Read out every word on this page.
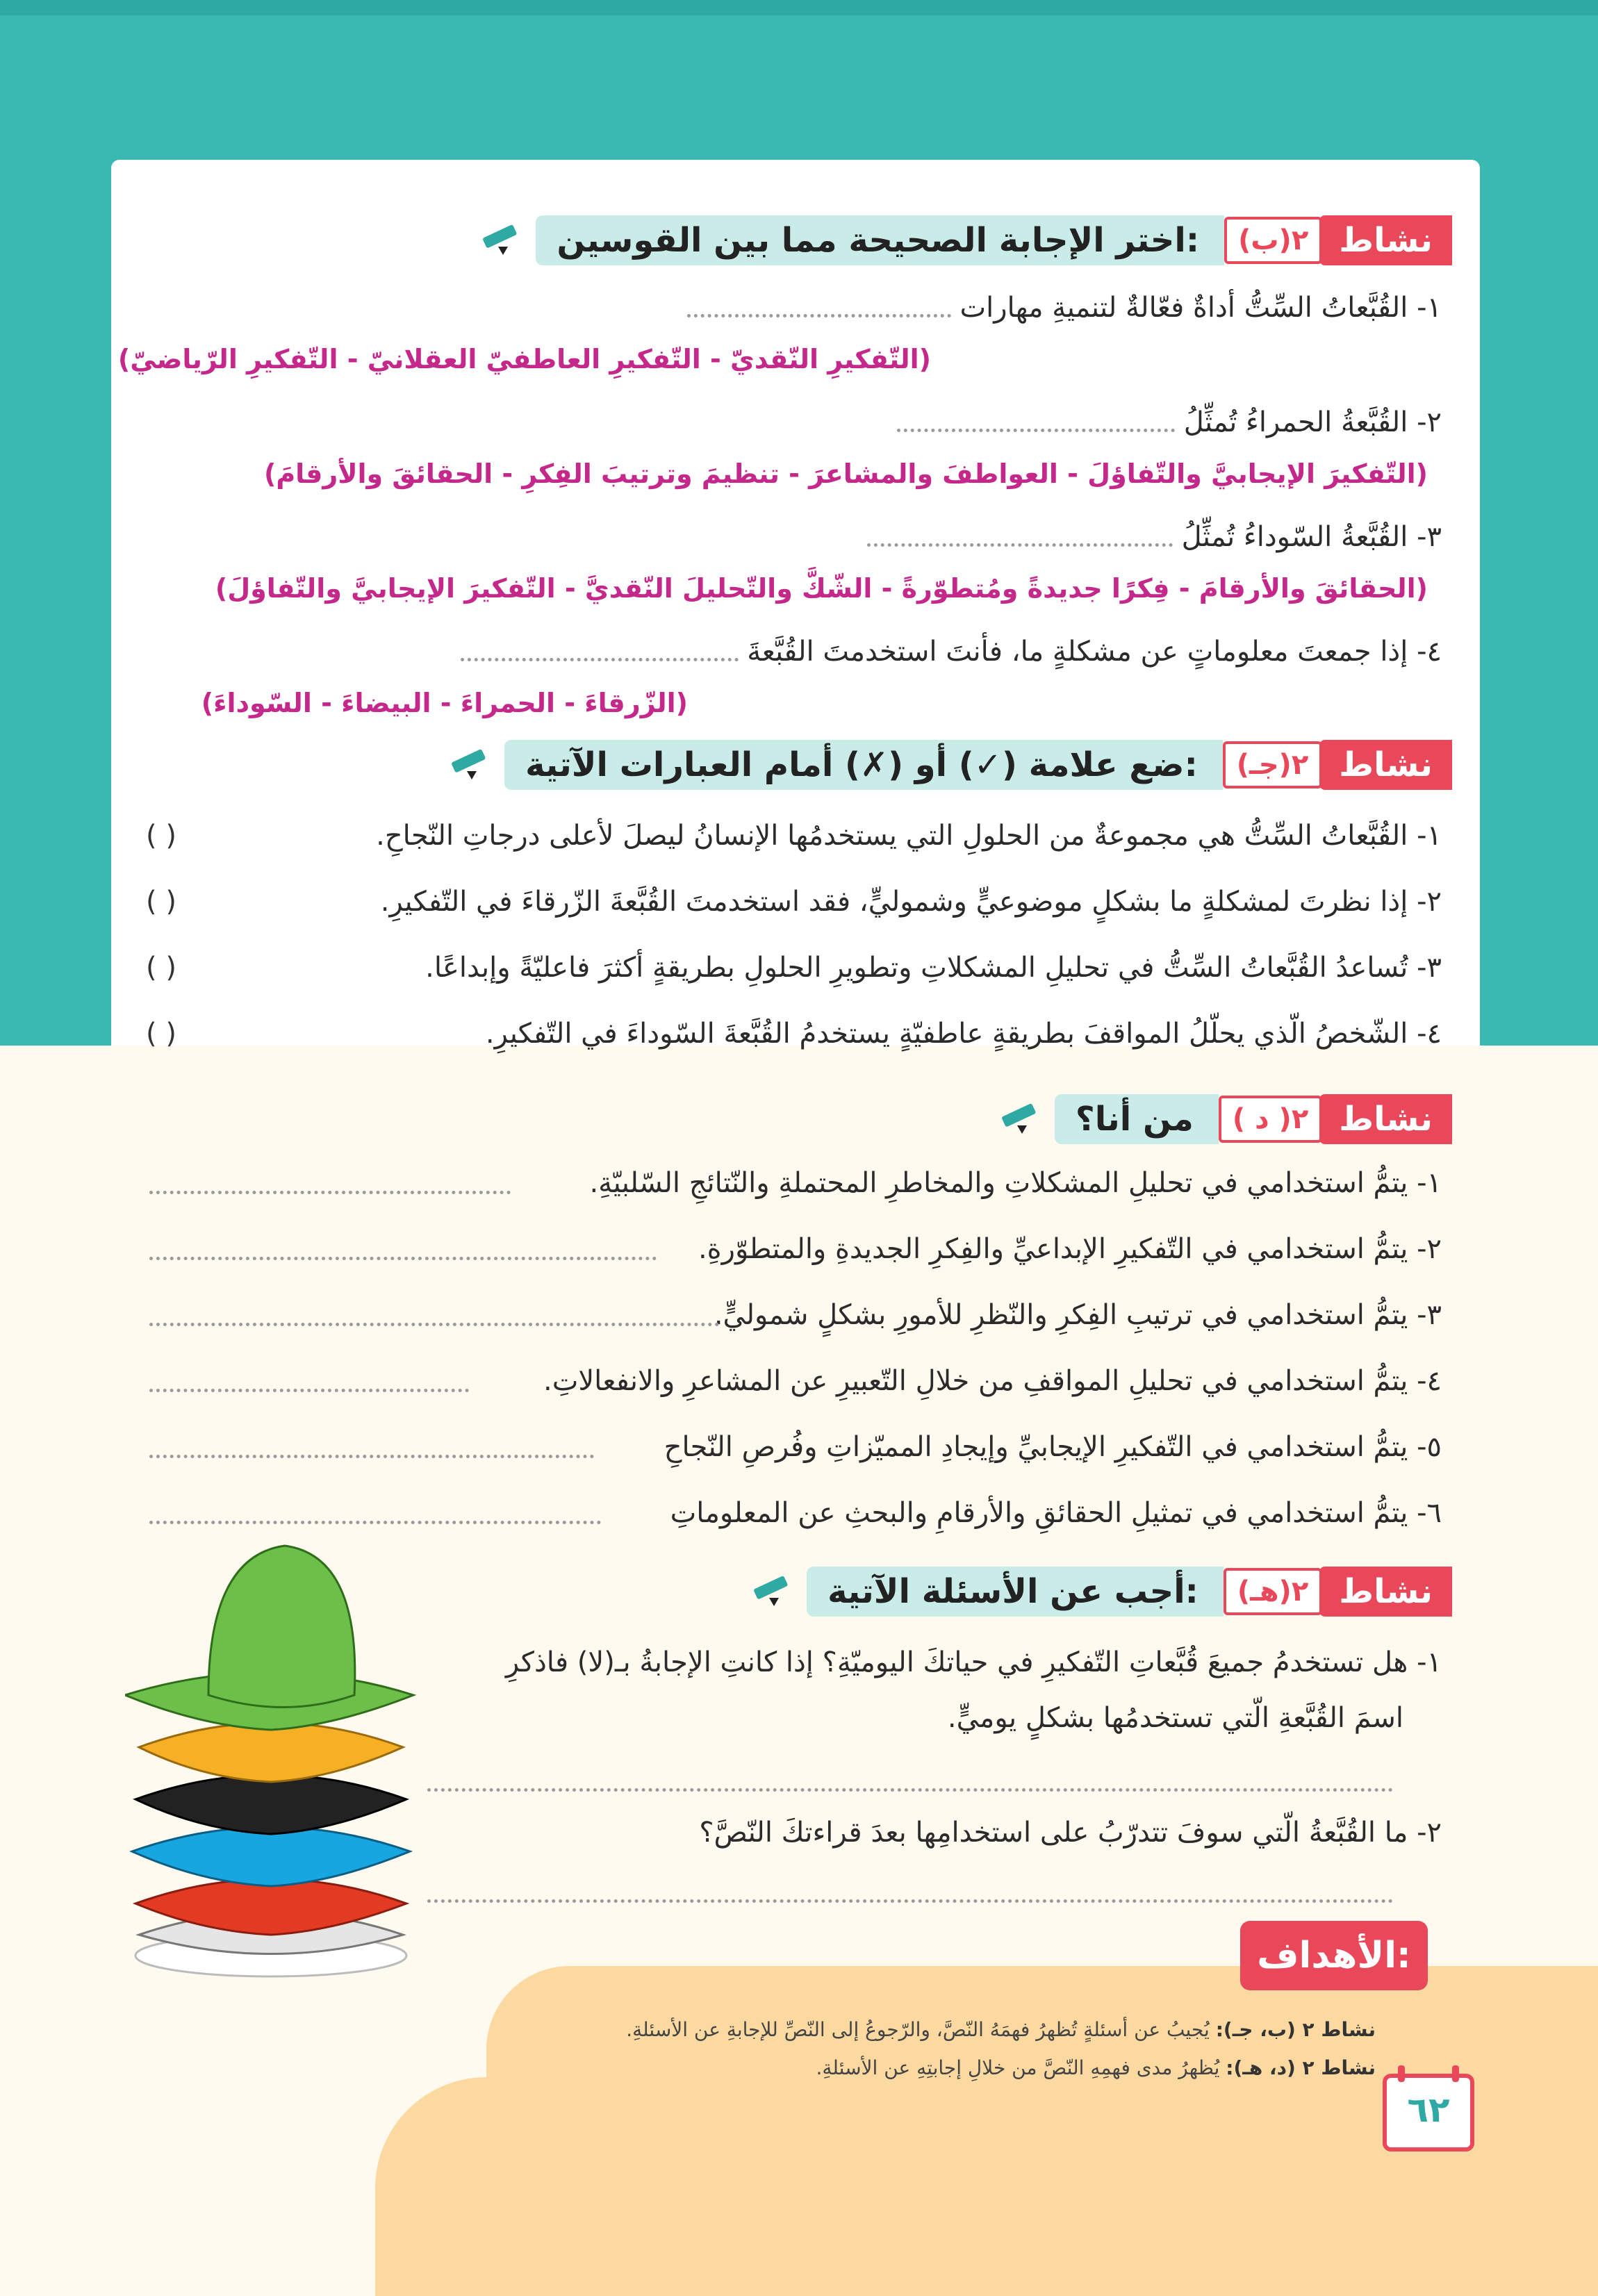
نشاط
٢(ب)
اختر الإجابة الصحيحة مما بين القوسين:
١- القُبَّعاتُ السِّتُّ أداةٌ فعّالةٌ لتنميةِ مهارات
(التّفكيرِ النّقديّ - التّفكيرِ العاطفيّ العقلانيّ - التّفكيرِ الرّياضيّ)
٢- القُبَّعةُ الحمراءُ تُمثِّلُ
(التّفكيرَ الإيجابيَّ والتّفاؤلَ - العواطفَ والمشاعرَ - تنظيمَ وترتيبَ الفِكرِ - الحقائقَ والأرقامَ)
٣- القُبَّعةُ السّوداءُ تُمثِّلُ
(الحقائقَ والأرقامَ - فِكرًا جديدةً ومُتطوّرةً - الشّكَّ والتّحليلَ النّقديَّ - التّفكيرَ الإيجابيَّ والتّفاؤلَ)
٤- إذا جمعتَ معلوماتٍ عن مشكلةٍ ما، فأنتَ استخدمتَ القُبَّعةَ
(الزّرقاءَ - الحمراءَ - البيضاءَ - السّوداءَ)
نشاط
٢(جـ)
ضع علامة (✓) أو (✗) أمام العبارات الآتية:
١- القُبَّعاتُ السِّتُّ هي مجموعةٌ من الحلولِ التي يستخدمُها الإنسانُ ليصلَ لأعلى درجاتِ النّجاحِ.
( )
٢- إذا نظرتَ لمشكلةٍ ما بشكلٍ موضوعيٍّ وشموليٍّ، فقد استخدمتَ القُبَّعةَ الزّرقاءَ في التّفكيرِ.
( )
٣- تُساعدُ القُبَّعاتُ السِّتُّ في تحليلِ المشكلاتِ وتطويرِ الحلولِ بطريقةٍ أكثرَ فاعليّةً وإبداعًا.
( )
٤- الشّخصُ الّذي يحلّلُ المواقفَ بطريقةٍ عاطفيّةٍ يستخدمُ القُبَّعةَ السّوداءَ في التّفكيرِ.
( )
نشاط
٢( د )
من أنا؟
١- يتمُّ استخدامي في تحليلِ المشكلاتِ والمخاطرِ المحتملةِ والنّتائجِ السّلبيّةِ.
٢- يتمُّ استخدامي في التّفكيرِ الإبداعيِّ والفِكرِ الجديدةِ والمتطوّرةِ.
٣- يتمُّ استخدامي في ترتيبِ الفِكرِ والنّظرِ للأمورِ بشكلٍ شموليٍّ.
٤- يتمُّ استخدامي في تحليلِ المواقفِ من خلالِ التّعبيرِ عن المشاعرِ والانفعالاتِ.
٥- يتمُّ استخدامي في التّفكيرِ الإيجابيِّ وإيجادِ المميّزاتِ وفُرصِ النّجاحِ
٦- يتمُّ استخدامي في تمثيلِ الحقائقِ والأرقامِ والبحثِ عن المعلوماتِ
نشاط
٢(هـ)
أجب عن الأسئلة الآتية:
١- هل تستخدمُ جميعَ قُبَّعاتِ التّفكيرِ في حياتكَ اليوميّةِ؟ إذا كانتِ الإجابةُ بـ(لا) فاذكرِ
اسمَ القُبَّعةِ الّتي تستخدمُها بشكلٍ يوميٍّ.
٢- ما القُبَّعةُ الّتي سوفَ تتدرّبُ على استخدامِها بعدَ قراءتكَ النّصَّ؟
الأهداف:
نشاط ٢ (ب، جـ): يُجيبُ عن أسئلةٍ تُظهرُ فهمَهُ النّصَّ، والرّجوعُ إلى النّصِّ للإجابةِ عن الأسئلةِ.
نشاط ٢ (د، هـ): يُظهرُ مدى فهمِهِ النّصَّ من خلالِ إجابتِهِ عن الأسئلةِ.
٦٢
